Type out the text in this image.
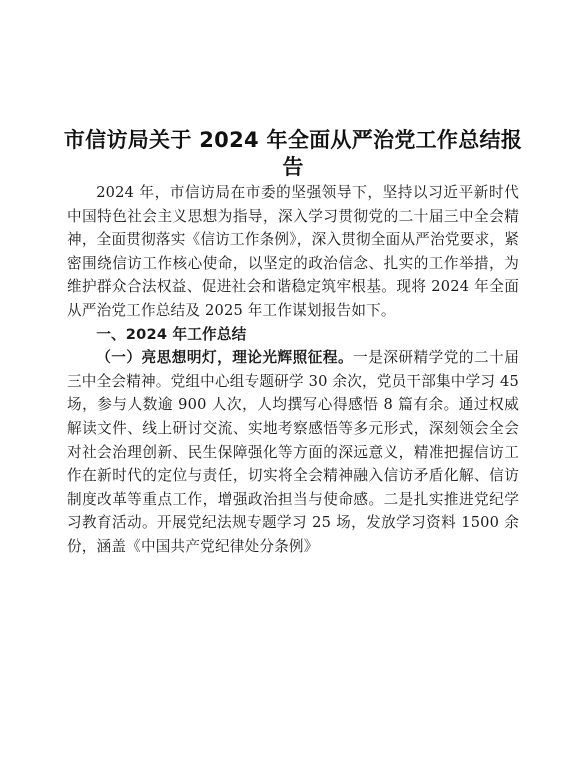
市信访局关于 2024 年全面从严治党工作总结报告

2024 年，市信访局在市委的坚强领导下，坚持以习近平新时代中国特色社会主义思想为指导，深入学习贯彻党的二十届三中全会精神，全面贯彻落实《信访工作条例》，深入贯彻全面从严治党要求，紧密围绕信访工作核心使命，以坚定的政治信念、扎实的工作举措，为维护群众合法权益、促进社会和谐稳定筑牢根基。现将 2024 年全面从严治党工作总结及 2025 年工作谋划报告如下。

一、2024 年工作总结

（一）亮思想明灯，理论光辉照征程。一是深研精学党的二十届三中全会精神。党组中心组专题研学 30 余次，党员干部集中学习 45 场，参与人数逾 900 人次，人均撰写心得感悟 8 篇有余。通过权威解读文件、线上研讨交流、实地考察感悟等多元形式，深刻领会全会对社会治理创新、民生保障强化等方面的深远意义，精准把握信访工作在新时代的定位与责任，切实将全会精神融入信访矛盾化解、信访制度改革等重点工作，增强政治担当与使命感。二是扎实推进党纪学习教育活动。开展党纪法规专题学习 25 场，发放学习资料 1500 余份，涵盖《中国共产党纪律处分条例》
